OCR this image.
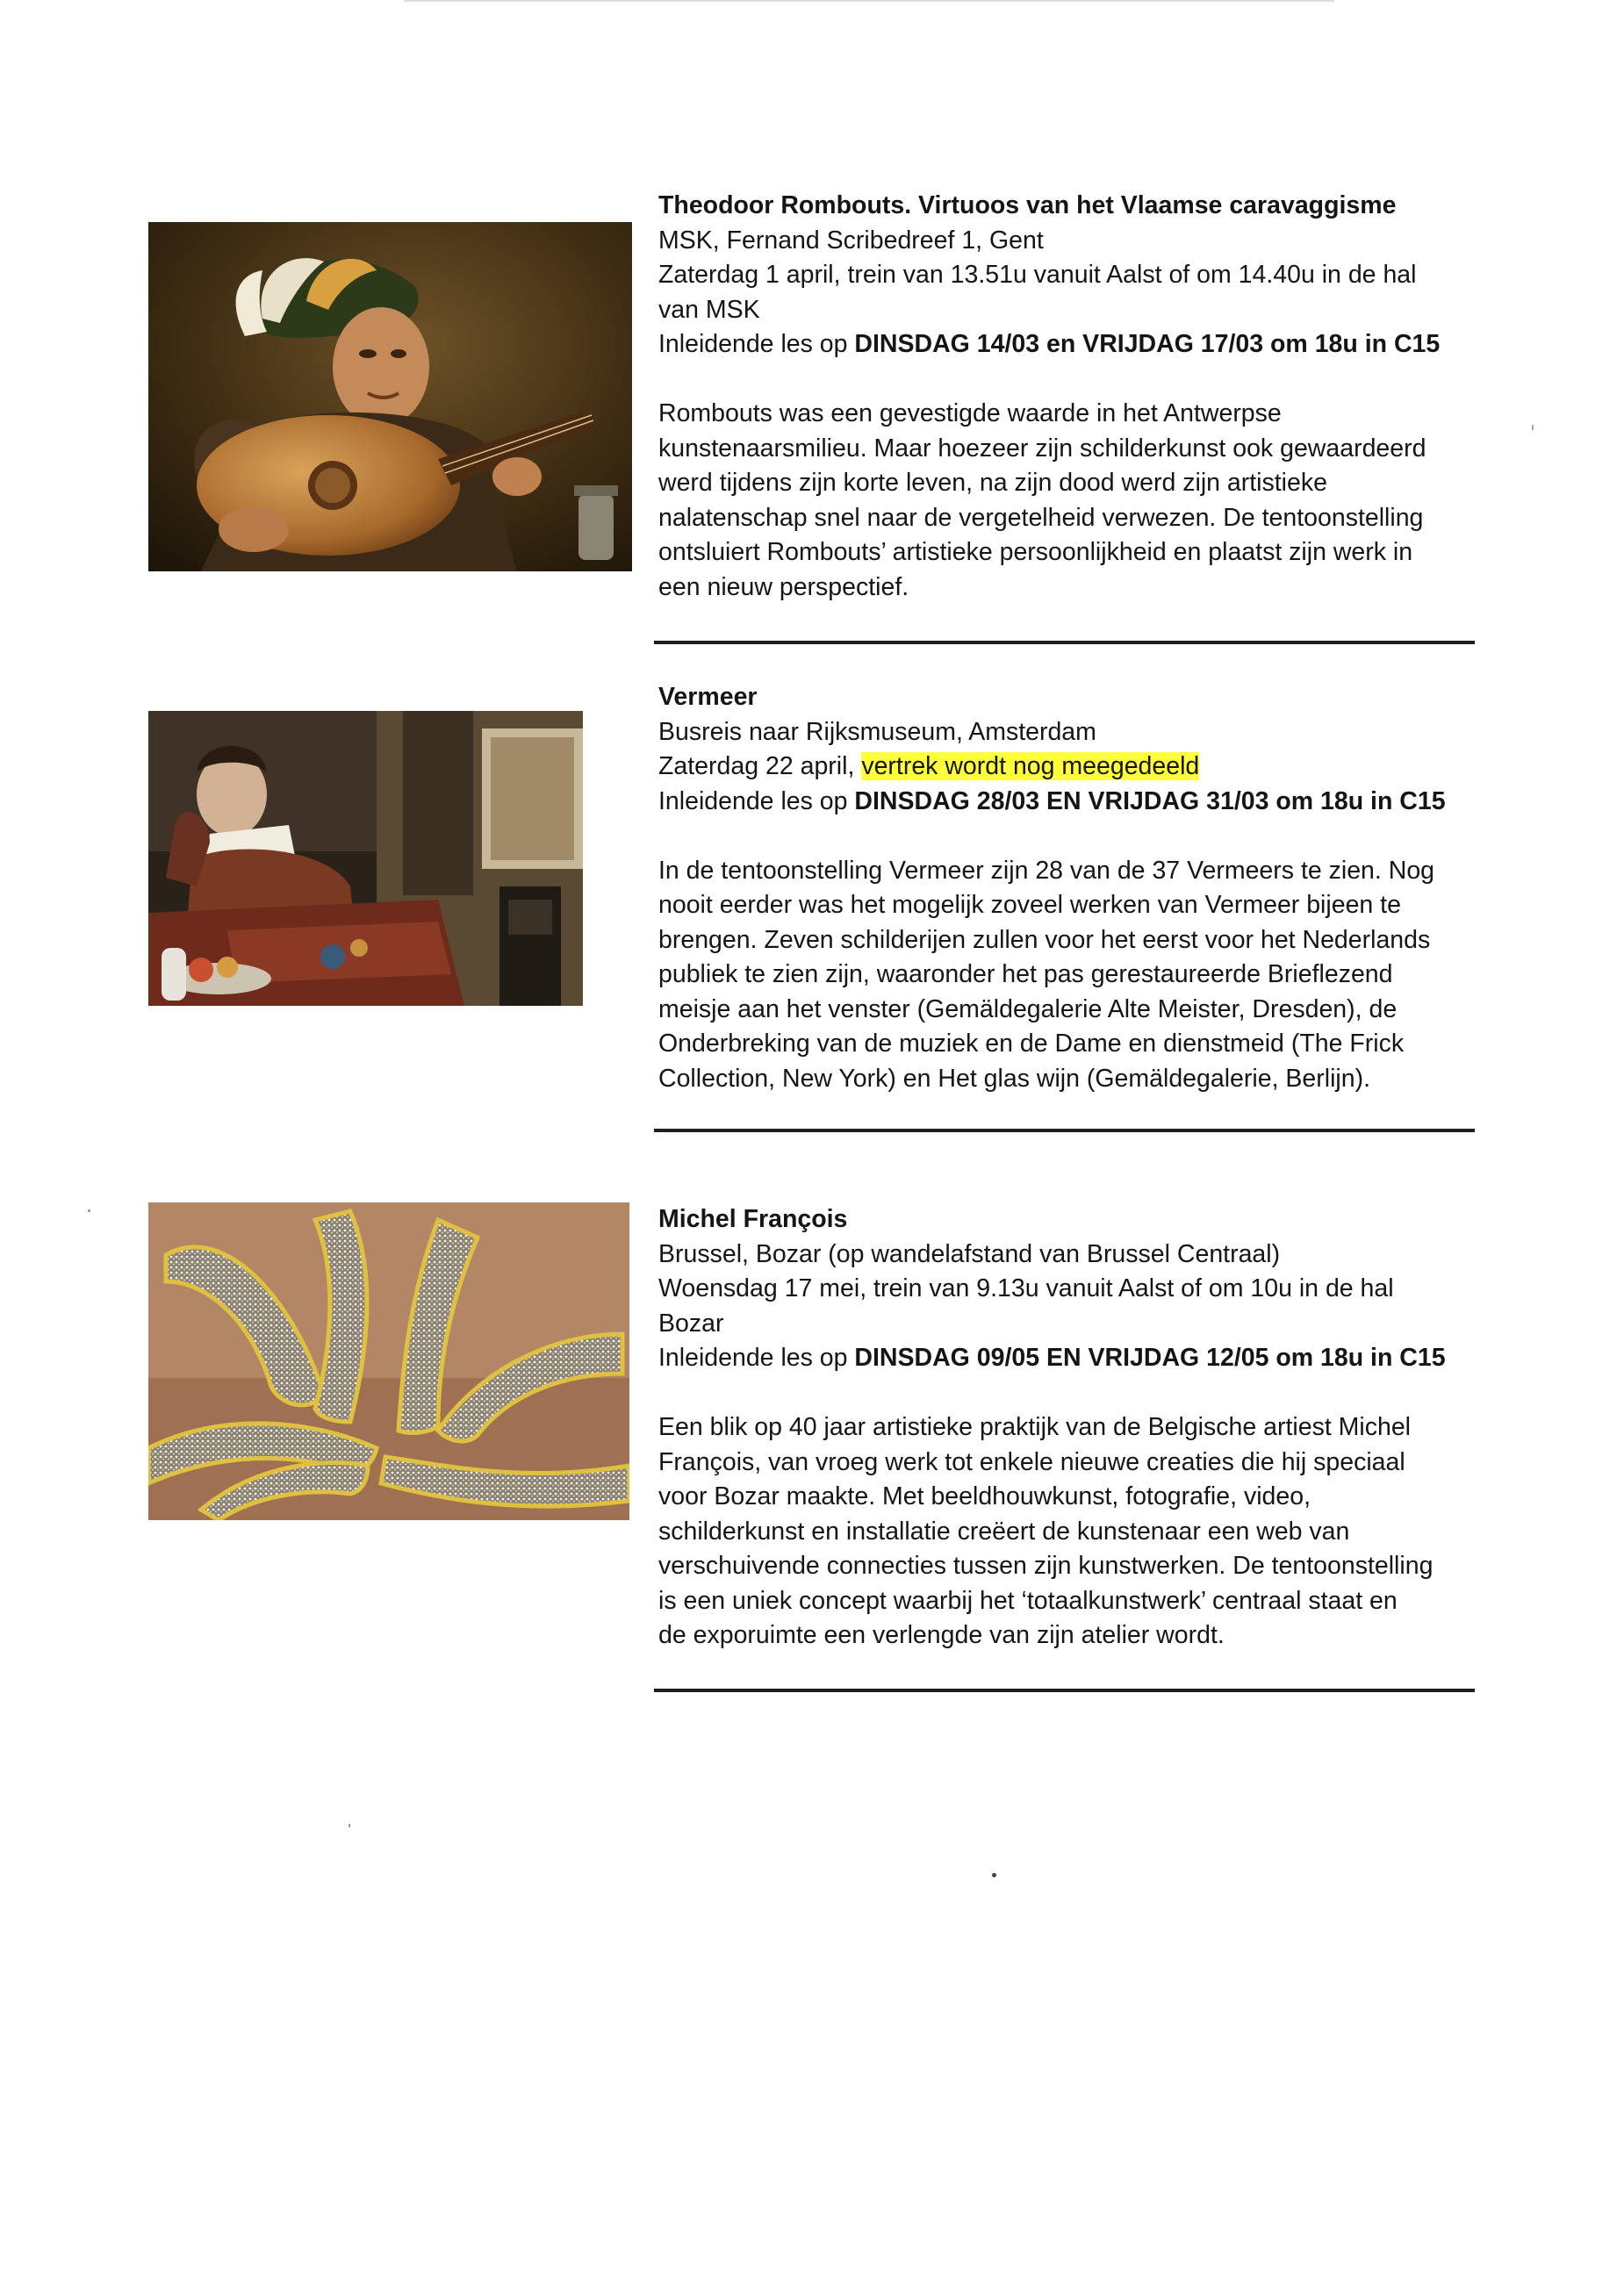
Theodoor Rombouts. Virtuoos van het Vlaamse caravaggisme
MSK, Fernand Scribedreef 1, Gent
Zaterdag 1 april, trein van 13.51u vanuit Aalst of om 14.40u in de hal
van MSK
Inleidende les op DINSDAG 14/03 en VRIJDAG 17/03 om 18u in C15
Rombouts was een gevestigde waarde in het Antwerpse
kunstenaarsmilieu. Maar hoezeer zijn schilderkunst ook gewaardeerd
werd tijdens zijn korte leven, na zijn dood werd zijn artistieke
nalatenschap snel naar de vergetelheid verwezen. De tentoonstelling
ontsluiert Rombouts’ artistieke persoonlijkheid en plaatst zijn werk in
een nieuw perspectief.
Vermeer
Busreis naar Rijksmuseum, Amsterdam
Zaterdag 22 april, vertrek wordt nog meegedeeld
Inleidende les op DINSDAG 28/03 EN VRIJDAG 31/03 om 18u in C15
In de tentoonstelling Vermeer zijn 28 van de 37 Vermeers te zien. Nog
nooit eerder was het mogelijk zoveel werken van Vermeer bijeen te
brengen. Zeven schilderijen zullen voor het eerst voor het Nederlands
publiek te zien zijn, waaronder het pas gerestaureerde Brieflezend
meisje aan het venster (Gemäldegalerie Alte Meister, Dresden), de
Onderbreking van de muziek en de Dame en dienstmeid (The Frick
Collection, New York) en Het glas wijn (Gemäldegalerie, Berlijn).
Michel François
Brussel, Bozar (op wandelafstand van Brussel Centraal)
Woensdag 17 mei, trein van 9.13u vanuit Aalst of om 10u in de hal
Bozar
Inleidende les op DINSDAG 09/05 EN VRIJDAG 12/05 om 18u in C15
Een blik op 40 jaar artistieke praktijk van de Belgische artiest Michel
François, van vroeg werk tot enkele nieuwe creaties die hij speciaal
voor Bozar maakte. Met beeldhouwkunst, fotografie, video,
schilderkunst en installatie creëert de kunstenaar een web van
verschuivende connecties tussen zijn kunstwerken. De tentoonstelling
is een uniek concept waarbij het ‘totaalkunstwerk’ centraal staat en
de exporuimte een verlengde van zijn atelier wordt.
